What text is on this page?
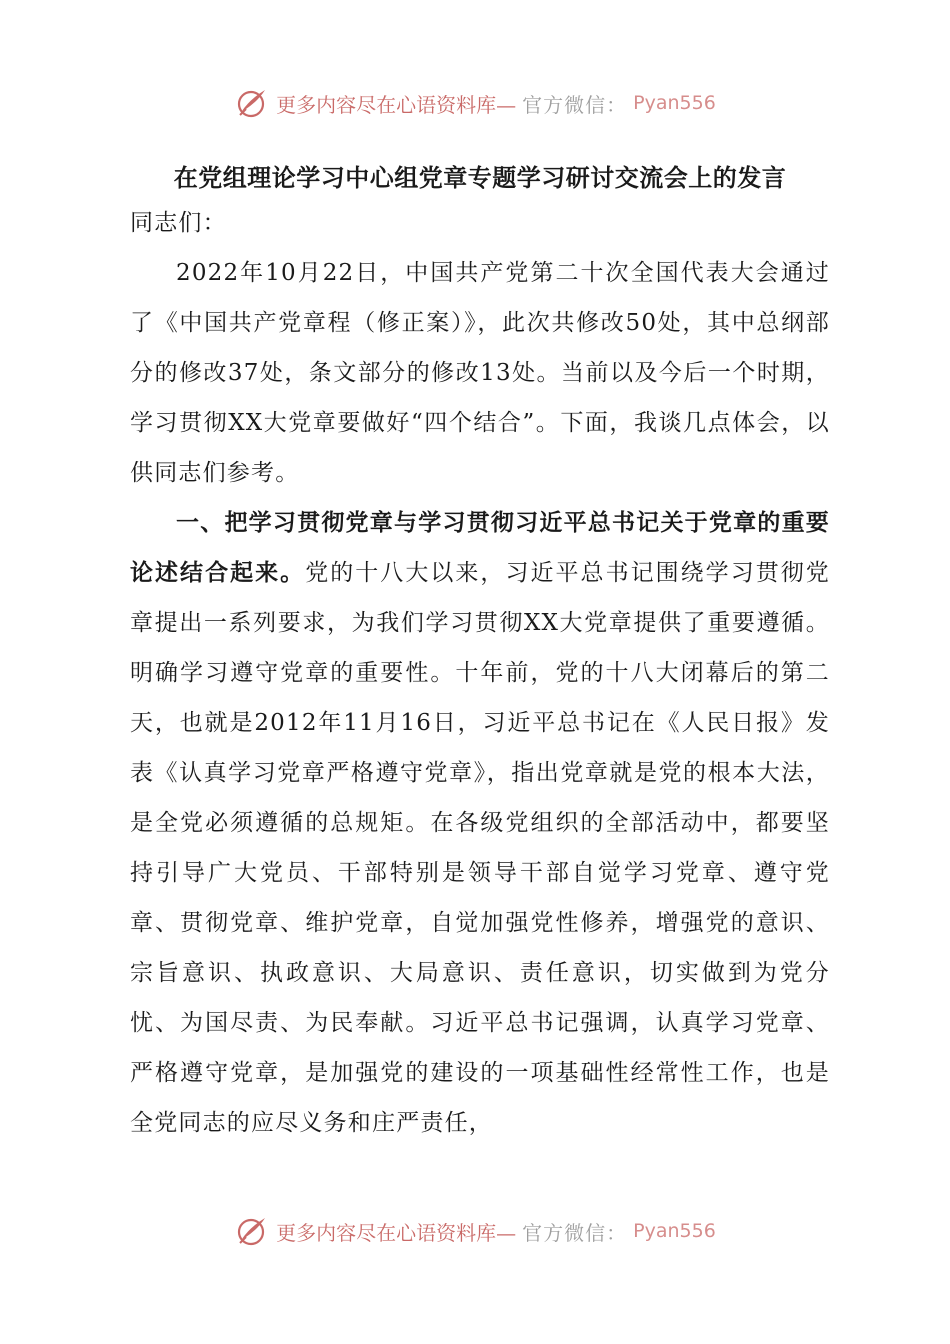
更多内容尽在心语资料库— 官方微信： Pyan556
在党组理论学习中心组党章专题学习研讨交流会上的发言

同志们：

2022年10月22日，中国共产党第二十次全国代表大会通过了《中国共产党章程（修正案）》，此次共修改50处，其中总纲部分的修改37处，条文部分的修改13处。当前以及今后一个时期，学习贯彻XX大党章要做好“四个结合”。下面，我谈几点体会，以供同志们参考。

一、把学习贯彻党章与学习贯彻习近平总书记关于党章的重要论述结合起来。党的十八大以来，习近平总书记围绕学习贯彻党章提出一系列要求，为我们学习贯彻XX大党章提供了重要遵循。明确学习遵守党章的重要性。十年前，党的十八大闭幕后的第二天，也就是2012年11月16日，习近平总书记在《人民日报》发表《认真学习党章严格遵守党章》，指出党章就是党的根本大法，是全党必须遵循的总规矩。在各级党组织的全部活动中，都要坚持引导广大党员、干部特别是领导干部自觉学习党章、遵守党章、贯彻党章、维护党章，自觉加强党性修养，增强党的意识、宗旨意识、执政意识、大局意识、责任意识，切实做到为党分忧、为国尽责、为民奉献。习近平总书记强调，认真学习党章、严格遵守党章，是加强党的建设的一项基础性经常性工作，也是全党同志的应尽义务和庄严责任，

更多内容尽在心语资料库— 官方微信： Pyan556
